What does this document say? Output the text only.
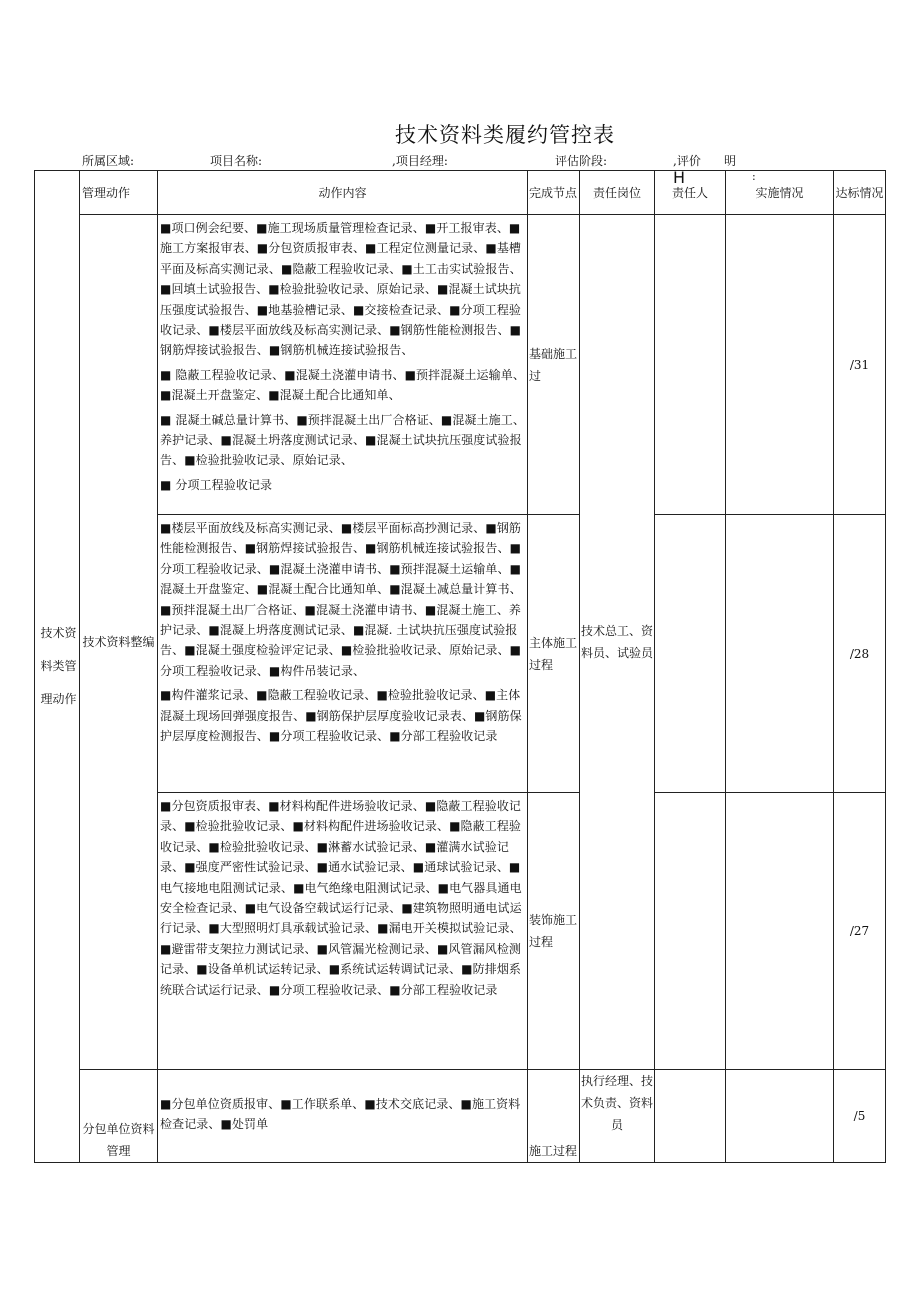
技术资料类履约管控表
所属区域:	项目名称:	,项目经理:	评估阶段:	,评价 明
H	:
技术资料类管理动作	管理动作	动作内容	完成节点	责任岗位	责任人	实施情况	达标情况
	技术资料整编	■项口例会纪要、■施工现场质量管理检查记录、■开工报审表、■施工方案报审表、■分包资质报审表、■工程定位测量记录、■基槽平面及标高实测记录、■隐蔽工程验收记录、■土工击实试验报告、■回填土试验报告、■检验批验收记录、原始记录、■混凝土试块抗压强度试验报告、■地基验槽记录、■交接检查记录、■分项工程验收记录、■楼层平面放线及标高实测记录、■钢筋性能检测报告、■钢筋焊接试验报告、■钢筋机械连接试验报告、

■ 隐蔽工程验收记录、■混凝土浇灌申请书、■预拌混凝土运输单、■混凝土开盘鉴定、■混凝土配合比通知单、

■ 混凝土碱总量计算书、■预拌混凝土出厂合格证、■混凝土施工、养护记录、■混凝土坍落度测试记录、■混凝土试块抗压强度试验报告、■检验批验收记录、原始记录、

■ 分项工程验收记录	基础施工过	技术总工、资料员、试验员			/31

		■楼层平面放线及标高实测记录、■楼层平面标高抄测记录、■钢筋性能检测报告、■钢筋焊接试验报告、■钢筋机械连接试验报告、■分项工程验收记录、■混凝土浇灌申请书、■预拌混凝土运输单、■混凝土开盘鉴定、■混凝土配合比通知单、■混凝土减总量计算书、■预拌混凝土出厂合格证、■混凝土浇灌申请书、■混凝土施工、养护记录、■混凝上坍落度测试记录、■混凝. 土试块抗压强度试验报告、■混凝土强度检验评定记录、■检验批验收记录、原始记录、■分项工程验收记录、■构件吊装记录、

■构件灌浆记录、■隐蔽工程验收记录、■检验批验收记录、■主体混凝土现场回弹强度报告、■钢筋保护层厚度验收记录表、■钢筋保护层厚度检测报告、■分项工程验收记录、■分部工程验收记录	主体施工过程				/28

		■分包资质报审表、■材料构配件进场验收记录、■隐蔽工程验收记录、■检验批验收记录、■材料构配件进场验收记录、■隐蔽工程验收记录、■检验批验收记录、■淋蓄水试验记录、■灌满水试验记录、■强度严密性试验记录、■通水试验记录、■通球试验记录、■电气接地电阻测试记录、■电气绝缘电阻测试记录、■电气器具通电安全检查记录、■电气设备空载试运行记录、■建筑物照明通电试运行记录、■大型照明灯具承载试验记录、■漏电开关模拟试验记录、■避雷带支架拉力测试记录、■风管漏光检测记录、■风管漏风检测记录、■设备单机试运转记录、■系统试运转调试记录、■防排烟系统联合试运行记录、■分项工程验收记录、■分部工程验收记录	装饰施工过程				/27
	分包单位资料管理	■分包单位资质报审、■工作联系单、■技术交底记录、■施工资料检查记录、■处罚单	施工过程	执行经理、技术负责、资料员			/5
